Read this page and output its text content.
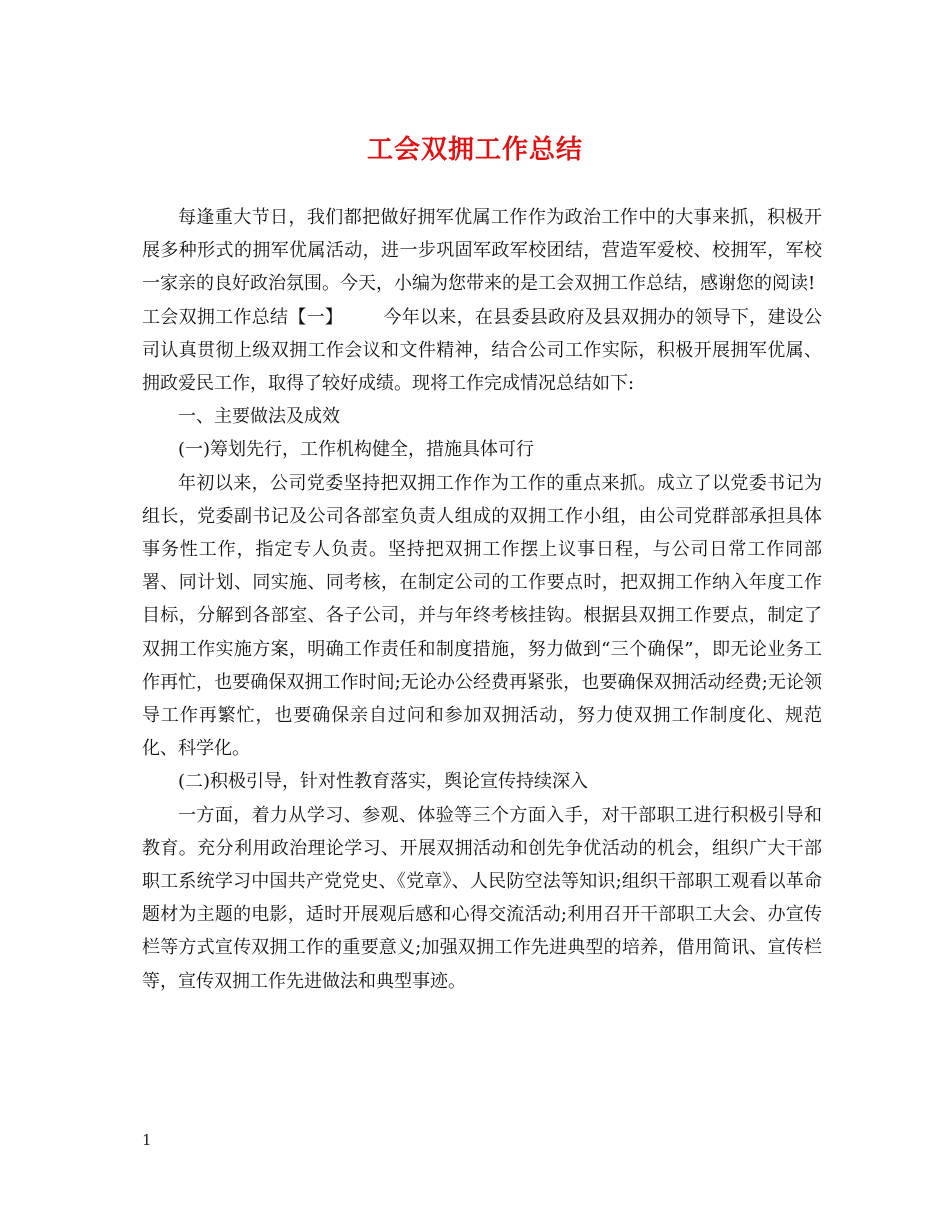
工会双拥工作总结

每逢重大节日，我们都把做好拥军优属工作作为政治工作中的大事来抓，积极开展多种形式的拥军优属活动，进一步巩固军政军校团结，营造军爱校、校拥军，军校一家亲的良好政治氛围。今天，小编为您带来的是工会双拥工作总结，感谢您的阅读!

工会双拥工作总结【一】 今年以来，在县委县政府及县双拥办的领导下，建设公司认真贯彻上级双拥工作会议和文件精神，结合公司工作实际，积极开展拥军优属、拥政爱民工作，取得了较好成绩。现将工作完成情况总结如下:

一、主要做法及成效

(一)筹划先行，工作机构健全，措施具体可行

年初以来，公司党委坚持把双拥工作作为工作的重点来抓。成立了以党委书记为组长，党委副书记及公司各部室负责人组成的双拥工作小组，由公司党群部承担具体事务性工作，指定专人负责。坚持把双拥工作摆上议事日程，与公司日常工作同部署、同计划、同实施、同考核，在制定公司的工作要点时，把双拥工作纳入年度工作目标，分解到各部室、各子公司，并与年终考核挂钩。根据县双拥工作要点，制定了双拥工作实施方案，明确工作责任和制度措施，努力做到“三个确保”，即无论业务工作再忙，也要确保双拥工作时间;无论办公经费再紧张，也要确保双拥活动经费;无论领导工作再繁忙，也要确保亲自过问和参加双拥活动，努力使双拥工作制度化、规范化、科学化。

(二)积极引导，针对性教育落实，舆论宣传持续深入

一方面，着力从学习、参观、体验等三个方面入手，对干部职工进行积极引导和教育。充分利用政治理论学习、开展双拥活动和创先争优活动的机会，组织广大干部职工系统学习中国共产党党史、《党章》、人民防空法等知识;组织干部职工观看以革命题材为主题的电影，适时开展观后感和心得交流活动;利用召开干部职工大会、办宣传栏等方式宣传双拥工作的重要意义;加强双拥工作先进典型的培养，借用简讯、宣传栏等，宣传双拥工作先进做法和典型事迹。

1
